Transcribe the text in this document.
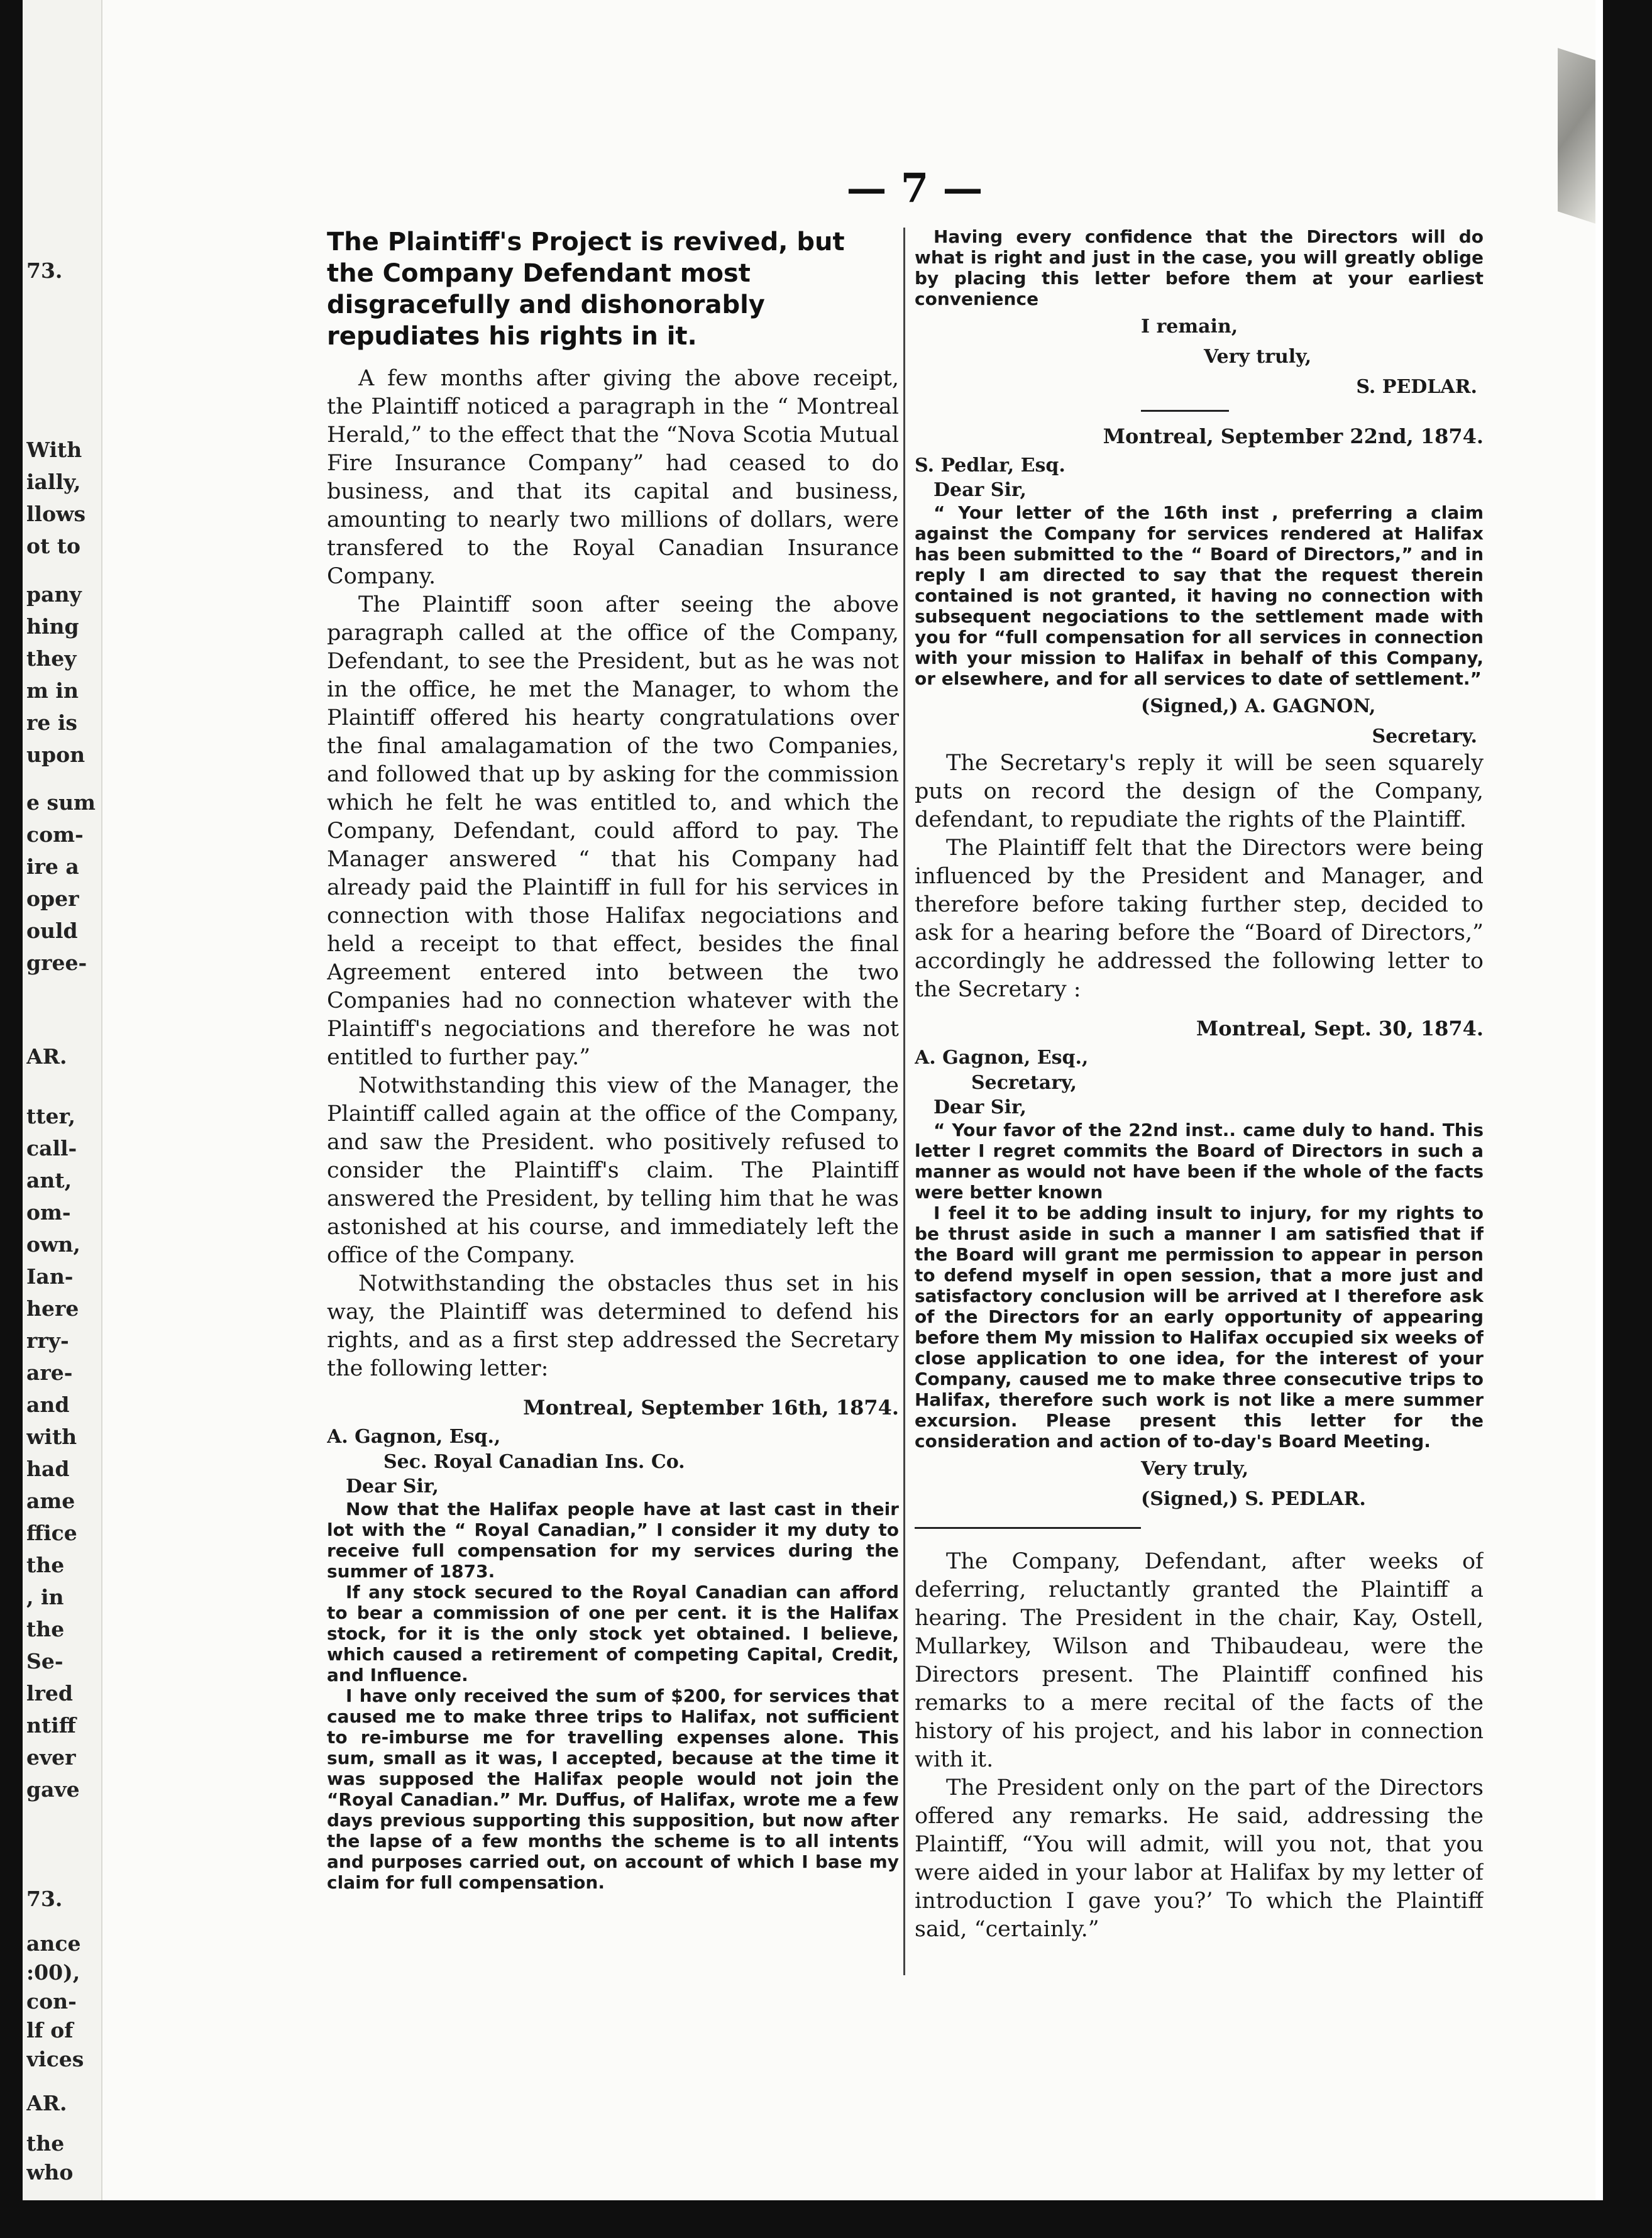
73.
With
ially,
llows
ot to
pany
hing
they
m in
re is
upon
e sum
com-
ire a
oper
ould
gree-
AR.
tter,
call-
ant,
om-
own,
Ian-
here
rry-
are-
and
with
had
ame
ffice
the
, in
the
Se-
lred
ntiff
ever
gave
73.
ance
:00),
con-
lf of
vices
AR.
the
who
— 7 —

The Plaintiff's Project is revived, but the Company Defendant most disgracefully and dishonorably repudiates his rights in it.

A few months after giving the above receipt, the Plaintiff noticed a paragraph in the “ Montreal Herald,” to the effect that the “Nova Scotia Mutual Fire Insurance Company” had ceased to do business, and that its capital and business, amounting to nearly two millions of dollars, were transfered to the Royal Canadian Insurance Company.

The Plaintiff soon after seeing the above paragraph called at the office of the Company, Defendant, to see the President, but as he was not in the office, he met the Manager, to whom the Plaintiff offered his hearty congratulations over the final amalagamation of the two Companies, and followed that up by asking for the commission which he felt he was entitled to, and which the Company, Defendant, could afford to pay. The Manager answered “ that his Company had already paid the Plaintiff in full for his services in connection with those Halifax negociations and held a receipt to that effect, besides the final Agreement entered into between the two Companies had no connection whatever with the Plaintiff's negociations and therefore he was not entitled to further pay.”

Notwithstanding this view of the Manager, the Plaintiff called again at the office of the Company, and saw the President. who positively refused to consider the Plaintiff's claim. The Plaintiff answered the President, by telling him that he was astonished at his course, and immediately left the office of the Company.

Notwithstanding the obstacles thus set in his way, the Plaintiff was determined to defend his rights, and as a first step addressed the Secretary the following letter:

Montreal, September 16th, 1874.

A. Gagnon, Esq.,

Sec. Royal Canadian Ins. Co.

Dear Sir,

Now that the Halifax people have at last cast in their lot with the “ Royal Canadian,” I consider it my duty to receive full compensation for my services during the summer of 1873.

If any stock secured to the Royal Canadian can afford to bear a commission of one per cent. it is the Halifax stock, for it is the only stock yet obtained. I believe, which caused a retirement of competing Capital, Credit, and Influence.

I have only received the sum of $200, for services that caused me to make three trips to Halifax, not sufficient to re-imburse me for travelling expenses alone. This sum, small as it was, I accepted, because at the time it was supposed the Halifax people would not join the “Royal Canadian.” Mr. Duffus, of Halifax, wrote me a few days previous supporting this supposition, but now after the lapse of a few months the scheme is to all intents and purposes carried out, on account of which I base my claim for full compensation.

Having every confidence that the Directors will do what is right and just in the case, you will greatly oblige by placing this letter before them at your earliest convenience

I remain,

Very truly,

S. PEDLAR.

Montreal, September 22nd, 1874.

S. Pedlar, Esq.

Dear Sir,

“ Your letter of the 16th inst , preferring a claim against the Company for services rendered at Halifax has been submitted to the “ Board of Directors,” and in reply I am directed to say that the request therein contained is not granted, it having no connection with subsequent negociations to the settlement made with you for “full compensation for all services in connection with your mission to Halifax in behalf of this Company, or elsewhere, and for all services to date of settlement.”

(Signed,) A. GAGNON,

Secretary.

The Secretary's reply it will be seen squarely puts on record the design of the Company, defendant, to repudiate the rights of the Plaintiff.

The Plaintiff felt that the Directors were being influenced by the President and Manager, and therefore before taking further step, decided to ask for a hearing before the “Board of Directors,” accordingly he addressed the following letter to the Secretary :

Montreal, Sept. 30, 1874.

A. Gagnon, Esq.,

Secretary,

Dear Sir,

“ Your favor of the 22nd inst.. came duly to hand. This letter I regret commits the Board of Directors in such a manner as would not have been if the whole of the facts were better known

I feel it to be adding insult to injury, for my rights to be thrust aside in such a manner I am satisfied that if the Board will grant me permission to appear in person to defend myself in open session, that a more just and satisfactory conclusion will be arrived at I therefore ask of the Directors for an early opportunity of appearing before them My mission to Halifax occupied six weeks of close application to one idea, for the interest of your Company, caused me to make three consecutive trips to Halifax, therefore such work is not like a mere summer excursion. Please present this letter for the consideration and action of to-day's Board Meeting.

Very truly,

(Signed,) S. PEDLAR.

The Company, Defendant, after weeks of deferring, reluctantly granted the Plaintiff a hearing. The President in the chair, Kay, Ostell, Mullarkey, Wilson and Thibaudeau, were the Directors present. The Plaintiff confined his remarks to a mere recital of the facts of the history of his project, and his labor in connection with it.

The President only on the part of the Directors offered any remarks. He said, addressing the Plaintiff, “You will admit, will you not, that you were aided in your labor at Halifax by my letter of introduction I gave you?’ To which the Plaintiff said, “certainly.”
